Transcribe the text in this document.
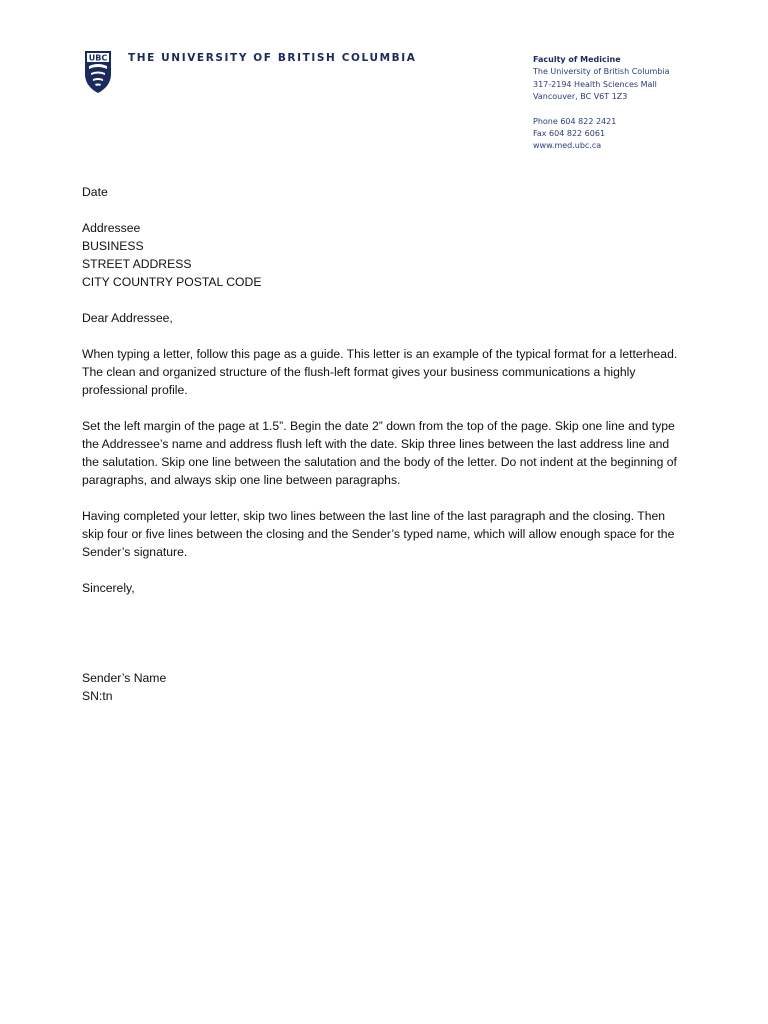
UBC THE UNIVERSITY OF BRITISH COLUMBIA	Faculty of Medicine
The University of British Columbia
317-2194 Health Sciences Mall
Vancouver, BC V6T 1Z3
Phone 604 822 2421
Fax 604 822 6061
www.med.ubc.ca

Date

Addressee
BUSINESS
STREET ADDRESS
CITY COUNTRY POSTAL CODE

Dear Addressee,

When typing a letter, follow this page as a guide. This letter is an example of the typical format for a letterhead. The clean and organized structure of the flush-left format gives your business communications a highly professional profile.

Set the left margin of the page at 1.5”. Begin the date 2” down from the top of the page. Skip one line and type the Addressee’s name and address flush left with the date. Skip three lines between the last address line and the salutation. Skip one line between the salutation and the body of the letter. Do not indent at the beginning of paragraphs, and always skip one line between paragraphs.

Having completed your letter, skip two lines between the last line of the last paragraph and the closing. Then skip four or five lines between the closing and the Sender’s typed name, which will allow enough space for the Sender’s signature.

Sincerely,

Sender’s Name
SN:tn
